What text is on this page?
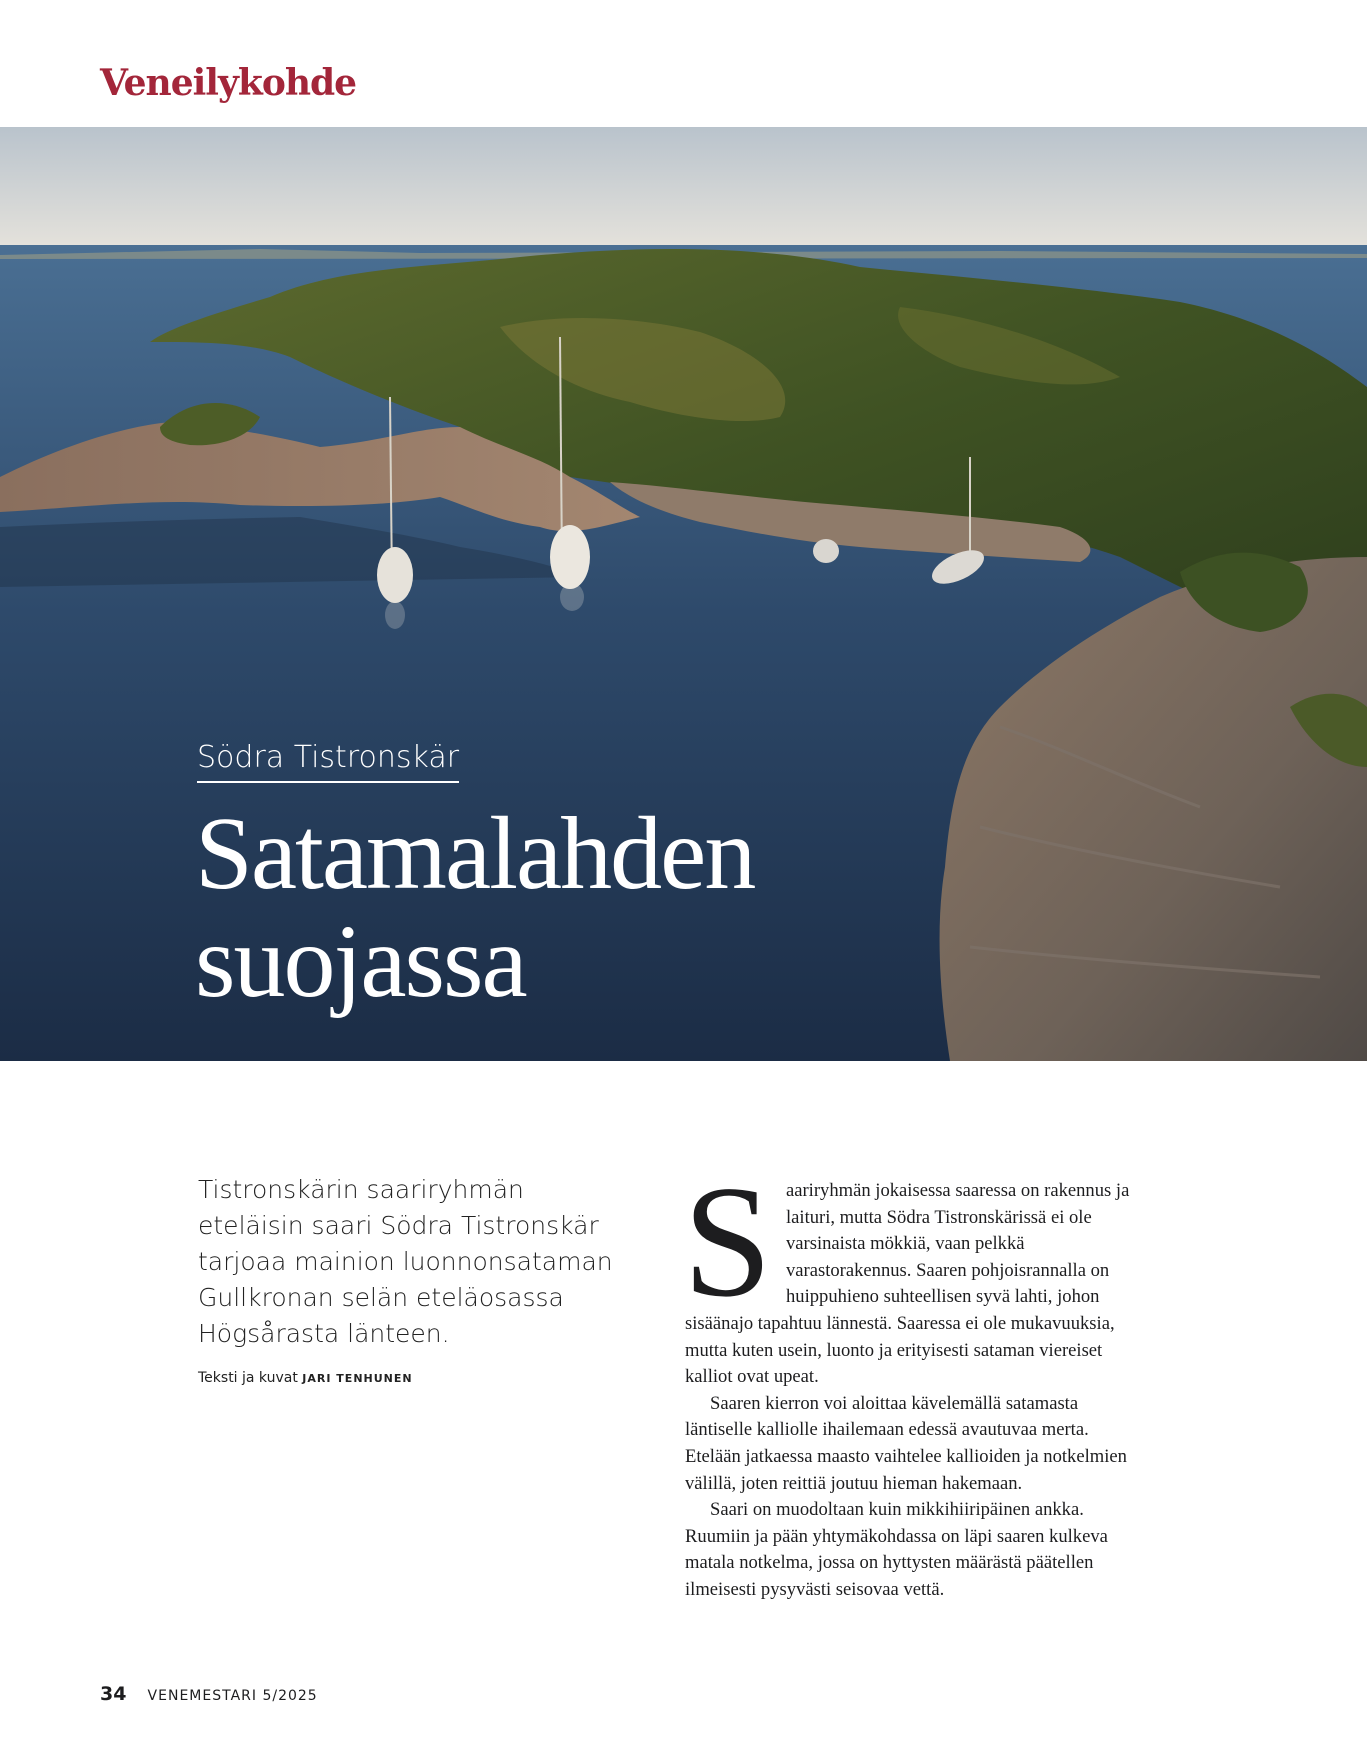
Veneilykohde
Södra Tistronskär
Satamalahden
suojassa

Tistronskärin saariryhmän eteläisin saari Södra Tistronskär tarjoaa mainion luonnonsataman Gullkronan selän eteläosassa Högsårasta länteen.

Teksti ja kuvat JARI TENHUNEN

Saariryhmän jokaisessa saaressa on rakennus ja laituri, mutta Södra Tistronskärissä ei ole varsinaista mökkiä, vaan pelkkä varastorakennus. Saaren pohjoisrannalla on huippuhieno suhteellisen syvä lahti, johon sisäänajo tapahtuu lännestä. Saaressa ei ole mukavuuksia, mutta kuten usein, luonto ja erityisesti sataman viereiset kalliot ovat upeat.

Saaren kierron voi aloittaa kävelemällä satamasta läntiselle kalliolle ihailemaan edessä avautuvaa merta. Etelään jatkaessa maasto vaihtelee kallioiden ja notkelmien välillä, joten reittiä joutuu hieman hakemaan.

Saari on muodoltaan kuin mikkihiiripäinen ankka. Ruumiin ja pään yhtymäkohdassa on läpi saaren kulkeva matala notkelma, jossa on hyttysten määrästä päätellen ilmeisesti pysyvästi seisovaa vettä.

34 VENEMESTARI 5/2025
